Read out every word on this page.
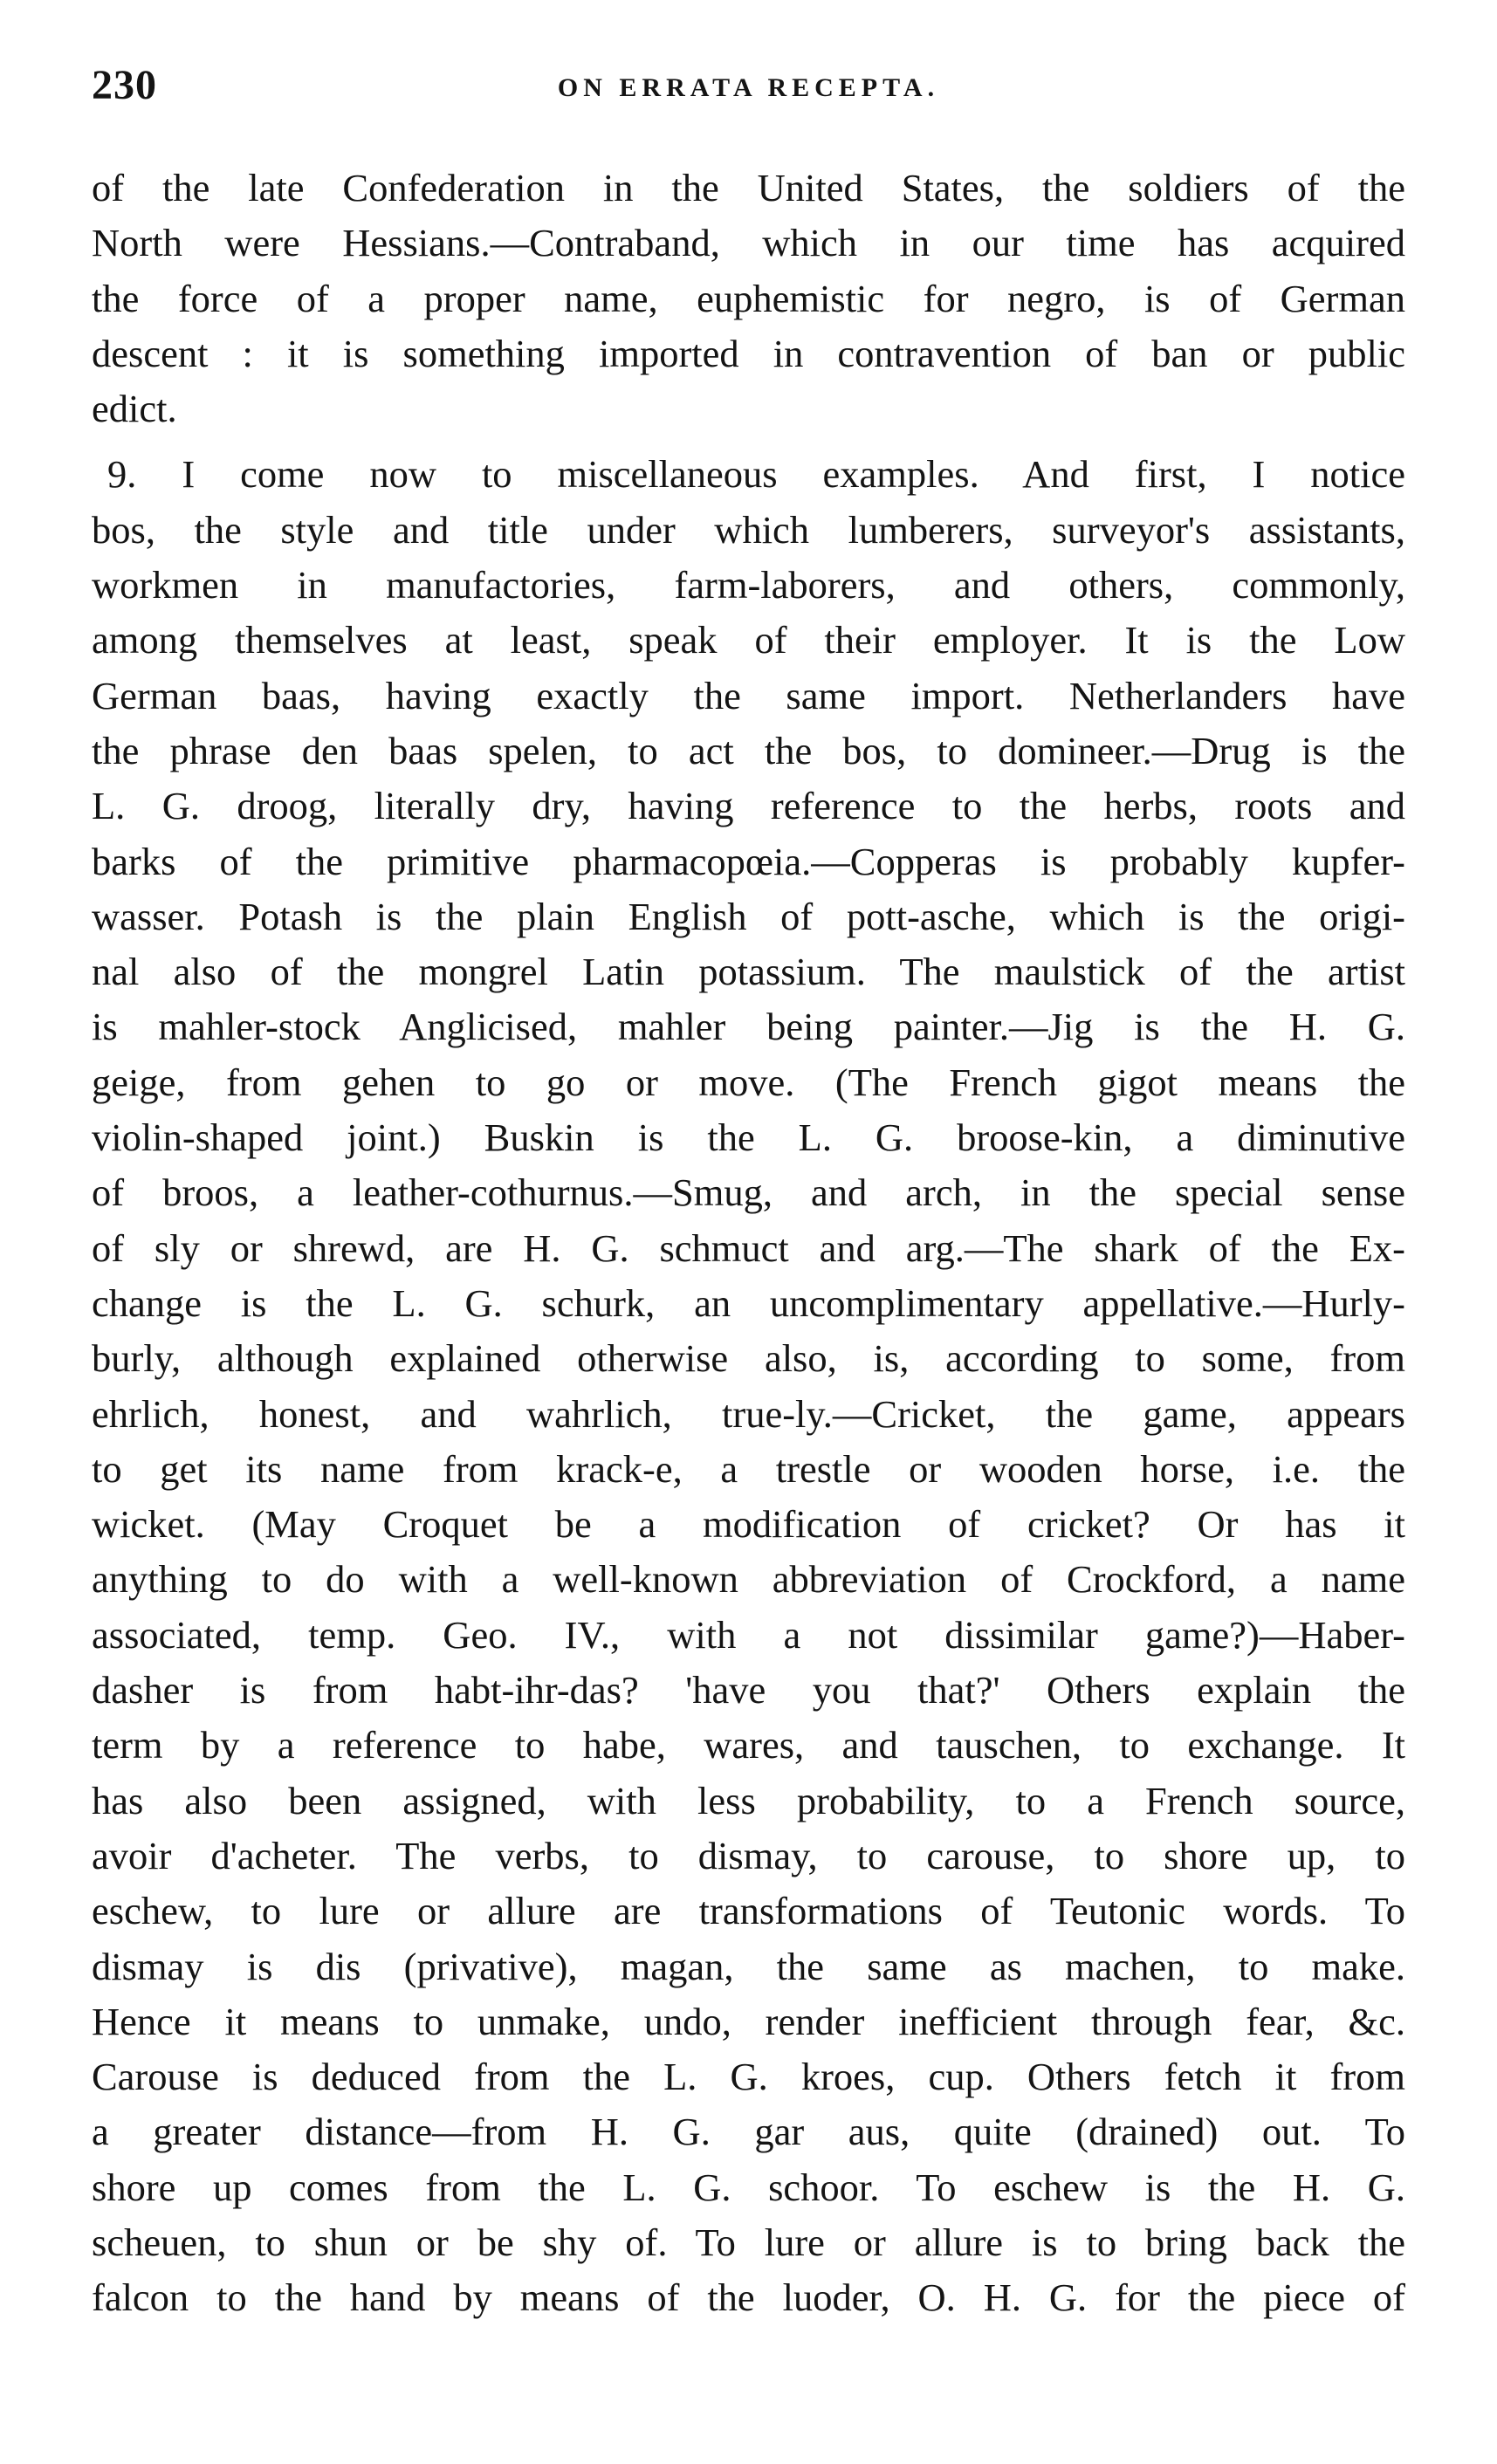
230	ON ERRATA RECEPTA.
of the late Confederation in the United States, the soldiers of the
North were Hessians.—Contraband, which in our time has acquired
the force of a proper name, euphemistic for negro, is of German
descent : it is something imported in contravention of ban or public
edict.
9. I come now to miscellaneous examples. And first, I notice
bos, the style and title under which lumberers, surveyor's assistants,
workmen in manufactories, farm-laborers, and others, commonly,
among themselves at least, speak of their employer. It is the Low
German baas, having exactly the same import. Netherlanders have
the phrase den baas spelen, to act the bos, to domineer.—Drug is the
L. G. droog, literally dry, having reference to the herbs, roots and
barks of the primitive pharmacopœia.—Copperas is probably kupfer-
wasser. Potash is the plain English of pott-asche, which is the origi-
nal also of the mongrel Latin potassium. The maulstick of the artist
is mahler-stock Anglicised, mahler being painter.—Jig is the H. G.
geige, from gehen to go or move. (The French gigot means the
violin-shaped joint.) Buskin is the L. G. broose-kin, a diminutive
of broos, a leather-cothurnus.—Smug, and arch, in the special sense
of sly or shrewd, are H. G. schmuct and arg.—The shark of the Ex-
change is the L. G. schurk, an uncomplimentary appellative.—Hurly-
burly, although explained otherwise also, is, according to some, from
ehrlich, honest, and wahrlich, true-ly.—Cricket, the game, appears
to get its name from krack-e, a trestle or wooden horse, i.e. the
wicket. (May Croquet be a modification of cricket? Or has it
anything to do with a well-known abbreviation of Crockford, a name
associated, temp. Geo. IV., with a not dissimilar game?)—Haber-
dasher is from habt-ihr-das? 'have you that?' Others explain the
term by a reference to habe, wares, and tauschen, to exchange. It
has also been assigned, with less probability, to a French source,
avoir d'acheter. The verbs, to dismay, to carouse, to shore up, to
eschew, to lure or allure are transformations of Teutonic words. To
dismay is dis (privative), magan, the same as machen, to make.
Hence it means to unmake, undo, render inefficient through fear, &c.
Carouse is deduced from the L. G. kroes, cup. Others fetch it from
a greater distance—from H. G. gar aus, quite (drained) out. To
shore up comes from the L. G. schoor. To eschew is the H. G.
scheuen, to shun or be shy of. To lure or allure is to bring back the
falcon to the hand by means of the luoder, O. H. G. for the piece of
